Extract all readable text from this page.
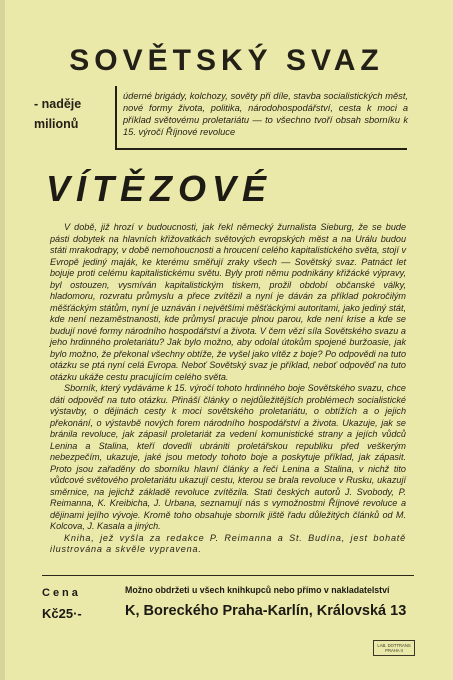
SOVĚTSKÝ SVAZ
- naděje milionů
úderné brigády, kolchozy, sověty při díle, stavba socialistických měst, nové formy života, politika, národohospodářství, cesta k moci a příklad světovému proletariátu — to všechno tvoří obsah sborníku k 15. výročí Říjnové revoluce
VÍTĚZOVÉ

V době, již hrozí v budoucnosti, jak řekl německý žurnalista Sieburg, že se bude pásti dobytek na hlavních křižovatkách světových evropských měst a na Urálu budou státi mrakodrapy, v době nemohoucnosti a hroucení celého kapitalistického světa, stojí v Evropě jediný maják, ke kterému směřují zraky všech — Sovětský svaz. Patnáct let bojuje proti celému kapitalistickému světu. Byly proti němu podnikány křižácké výpravy, byl ostouzen, vysmíván kapitalistickým tiskem, prožil období občanské války, hladomoru, rozvratu průmyslu a přece zvítězil a nyní je dáván za příklad pokročilým měšťáckým státům, nyní je uznáván i největšími měšťáckými autoritami, jako jediný stát, kde není nezaměstnanosti, kde průmysl pracuje plnou parou, kde není krise a kde se budují nové formy národního hospodářství a života. V čem vězí síla Sovětského svazu a jeho hrdinného proletariátu? Jak bylo možno, aby odolal útokům spojené buržoasie, jak bylo možno, že překonal všechny obtíže, že vyšel jako vítěz z boje? Po odpovědi na tuto otázku se ptá nyní celá Evropa. Neboť Sovětský svaz je příklad, neboť odpověď na tuto otázku ukáže cestu pracujícím celého světa.

Sborník, který vydáváme k 15. výročí tohoto hrdinného boje Sovětského svazu, chce dáti odpověď na tuto otázku. Přináší články o nejdůležitějších problémech socialistické výstavby, o dějinách cesty k moci sovětského proletariátu, o obtížích a o jejich překonání, o výstavbě nových forem národního hospodářství a života. Ukazuje, jak se bránila revoluce, jak zápasil proletariát za vedení komunistické strany a jejích vůdců Lenina a Stalina, kteří dovedli ubrániti proletářskou republiku před veškerým nebezpečím, ukazuje, jaké jsou metody tohoto boje a poskytuje příklad, jak zápasit. Proto jsou zařaděny do sborníku hlavní články a řeči Lenina a Stalina, v nichž tito vůdcové světového proletariátu ukazují cestu, kterou se brala revoluce v Rusku, ukazují směrnice, na jejichž základě revoluce zvítězila. Stati českých autorů J. Svobody, P. Reimanna, K. Kreibicha, J. Urbana, seznamují nás s vymožnostmi Říjnové revoluce a dějinami jejího vývoje. Kromě toho obsahuje sborník jiště řadu důležitých článků od M. Kolcova, J. Kasala a jiných.

Kniha, jež vyšla za redakce P. Reimanna a St. Budína, jest bohatě ilustrována a skvěle vypravena.

Cena
Kč25·-
Možno obdržeti u všech knihkupců nebo přímo v nakladatelství
K, Boreckého Praha-Karlín, Královská 13
LAB. DOTTRANS PRAHA II
